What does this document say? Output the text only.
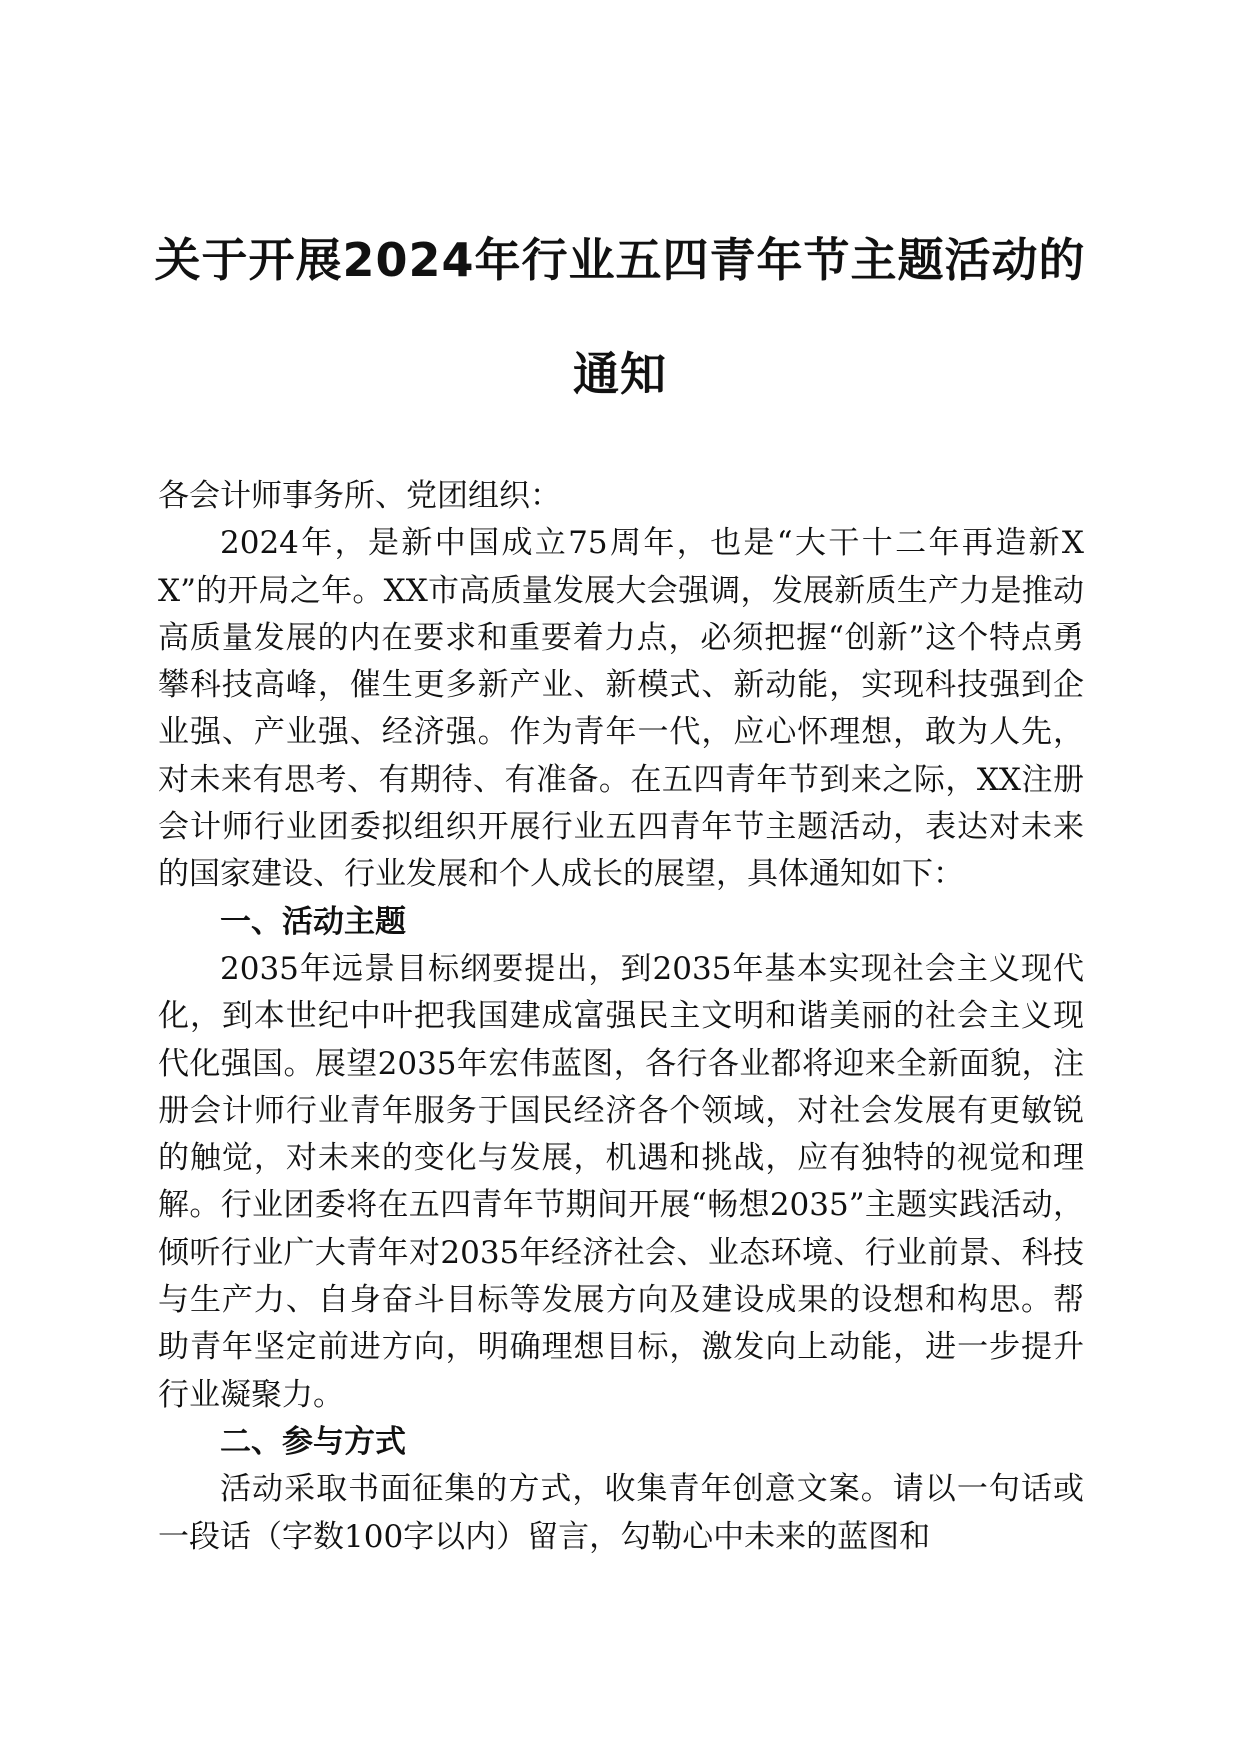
关于开展2024年行业五四青年节主题活动的
通知

各会计师事务所、党团组织：

2024年，是新中国成立75周年，也是“大干十二年再造新XX”的开局之年。XX市高质量发展大会强调，发展新质生产力是推动高质量发展的内在要求和重要着力点，必须把握“创新”这个特点勇攀科技高峰，催生更多新产业、新模式、新动能，实现科技强到企业强、产业强、经济强。作为青年一代，应心怀理想，敢为人先，对未来有思考、有期待、有准备。在五四青年节到来之际，XX注册会计师行业团委拟组织开展行业五四青年节主题活动，表达对未来的国家建设、行业发展和个人成长的展望，具体通知如下：

一、活动主题

2035年远景目标纲要提出，到2035年基本实现社会主义现代化，到本世纪中叶把我国建成富强民主文明和谐美丽的社会主义现代化强国。展望2035年宏伟蓝图，各行各业都将迎来全新面貌，注册会计师行业青年服务于国民经济各个领域，对社会发展有更敏锐的触觉，对未来的变化与发展，机遇和挑战，应有独特的视觉和理解。行业团委将在五四青年节期间开展“畅想2035”主题实践活动，倾听行业广大青年对2035年经济社会、业态环境、行业前景、科技与生产力、自身奋斗目标等发展方向及建设成果的设想和构思。帮助青年坚定前进方向，明确理想目标，激发向上动能，进一步提升行业凝聚力。

二、参与方式

活动采取书面征集的方式，收集青年创意文案。请以一句话或一段话（字数100字以内）留言，勾勒心中未来的蓝图和
